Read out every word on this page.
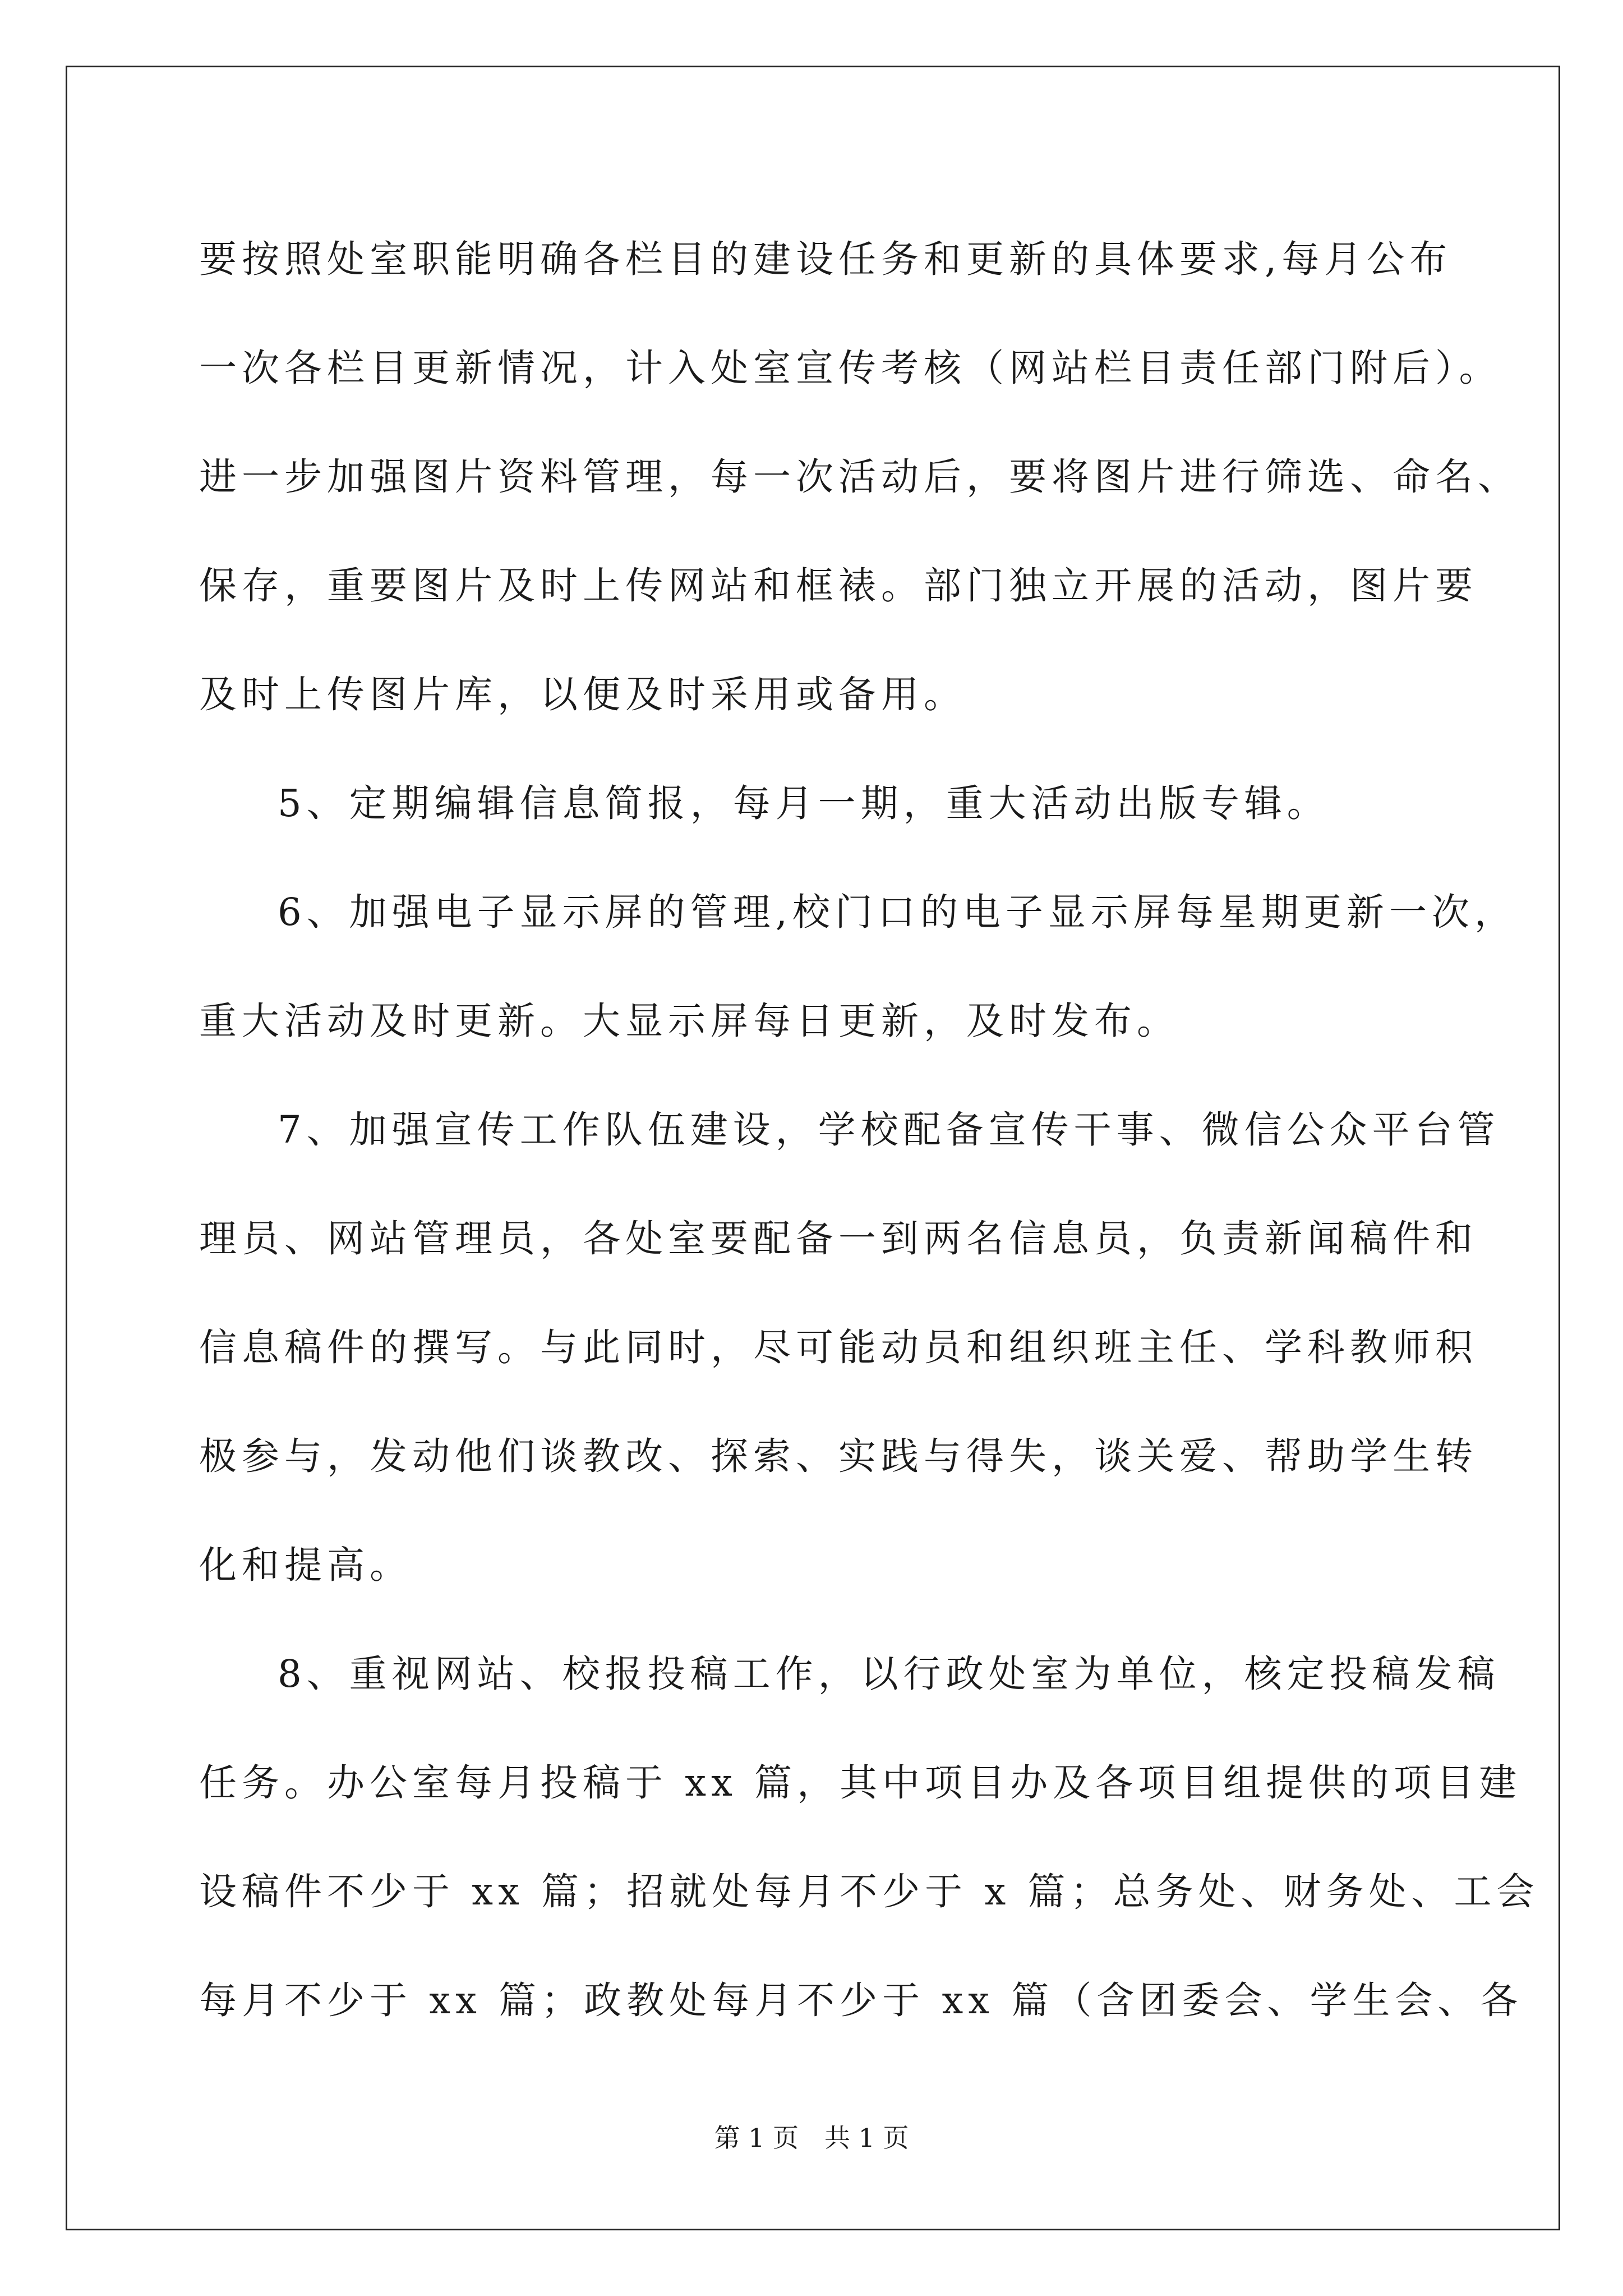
要按照处室职能明确各栏目的建设任务和更新的具体要求,每月公布
一次各栏目更新情况，计入处室宣传考核（网站栏目责任部门附后）。
进一步加强图片资料管理，每一次活动后，要将图片进行筛选、命名、
保存，重要图片及时上传网站和框裱。部门独立开展的活动，图片要
及时上传图片库，以便及时采用或备用。
5、定期编辑信息简报，每月一期，重大活动出版专辑。
6、加强电子显示屏的管理,校门口的电子显示屏每星期更新一次，
重大活动及时更新。大显示屏每日更新，及时发布。
7、加强宣传工作队伍建设，学校配备宣传干事、微信公众平台管
理员、网站管理员，各处室要配备一到两名信息员，负责新闻稿件和
信息稿件的撰写。与此同时，尽可能动员和组织班主任、学科教师积
极参与，发动他们谈教改、探索、实践与得失，谈关爱、帮助学生转
化和提高。
8、重视网站、校报投稿工作，以行政处室为单位，核定投稿发稿
任务。办公室每月投稿于 xx 篇，其中项目办及各项目组提供的项目建
设稿件不少于 xx 篇；招就处每月不少于 x 篇；总务处、财务处、工会
每月不少于 xx 篇；政教处每月不少于 xx 篇（含团委会、学生会、各
第 1 页　共 1 页
